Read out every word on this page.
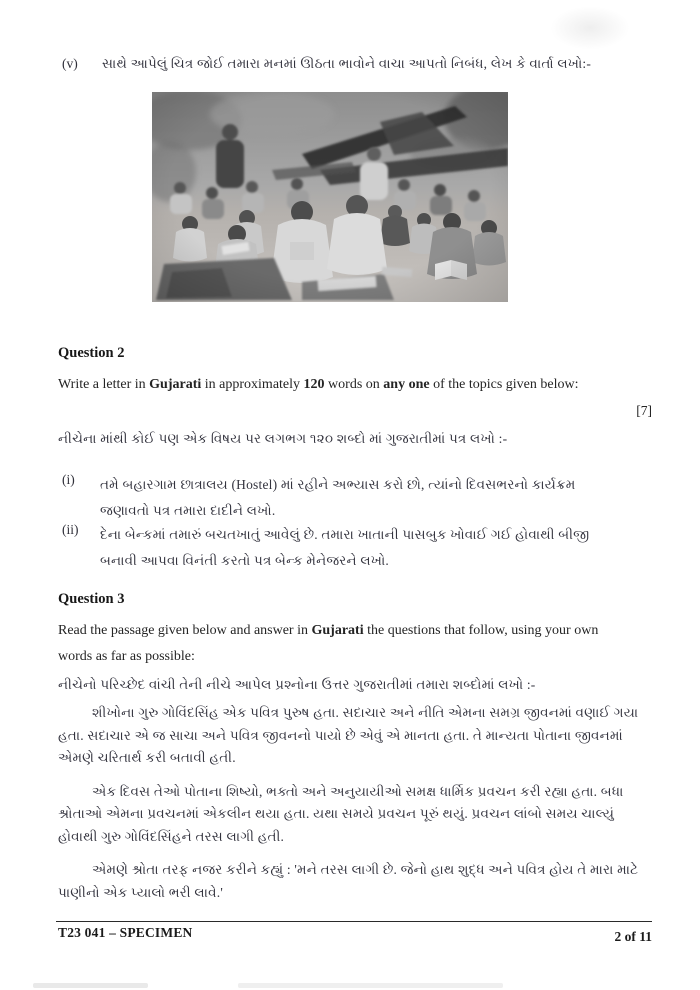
(v)	સાથે આપેલું ચિત્ર જોઈ તમારા મનમાં ઊઠતા ભાવોને વાચા આપતો નિબંધ, લેખ કે વાર્તા લખો:-
Question 2
Write a letter in Gujarati in approximately 120 words on any one of the topics given below:
[7]
નીચેના માંથી કોઈ પણ એક વિષય પર લગભગ ૧૨૦ શબ્દો માં ગુજરાતીમાં પત્ર લખો :-
(i)	તમે બહારગામ છાત્રાલય (Hostel) માં રહીને અભ્યાસ કરો છો, ત્યાંનો દિવસભરનો કાર્યક્રમ જણાવતો પત્ર તમારા દાદીને લખો.
(ii)	દેના બેન્કમાં તમારું બચતખાતું આવેલું છે. તમારા ખાતાની પાસબુક ખોવાઈ ગઈ હોવાથી બીજી બનાવી આપવા વિનંતી કરતો પત્ર બેન્ક મેનેજરને લખો.
Question 3
Read the passage given below and answer in Gujarati the questions that follow, using your own words as far as possible:
નીચેનો પરિચ્છેદ વાંચી તેની નીચે આપેલ પ્રશ્નોના ઉત્તર ગુજરાતીમાં તમારા શબ્દોમાં લખો :-

શીખોના ગુરુ ગોવિંદસિંહ એક પવિત્ર પુરુષ હતા. સદાચાર અને નીતિ એમના સમગ્ર જીવનમાં વણાઈ ગયા હતા. સદાચાર એ જ સાચા અને પવિત્ર જીવનનો પાયો છે એવું એ માનતા હતા. તે માન્યતા પોતાના જીવનમાં એમણે ચરિતાર્થ કરી બતાવી હતી.

એક દિવસ તેઓ પોતાના શિષ્યો, ભક્તો અને અનુયાયીઓ સમક્ષ ધાર્મિક પ્રવચન કરી રહ્યા હતા. બધા શ્રોતાઓ એમના પ્રવચનમાં એકલીન થયા હતા. યથા સમયે પ્રવચન પૂરું થયું. પ્રવચન લાંબો સમય ચાલ્યું હોવાથી ગુરુ ગોવિંદસિંહને તરસ લાગી હતી.

એમણે શ્રોતા તરફ નજર કરીને કહ્યું : 'મને તરસ લાગી છે. જેનો હાથ શુદ્ધ અને પવિત્ર હોય તે મારા માટે પાણીનો એક પ્યાલો ભરી લાવે.'

T23 041 – SPECIMEN	2 of 11
